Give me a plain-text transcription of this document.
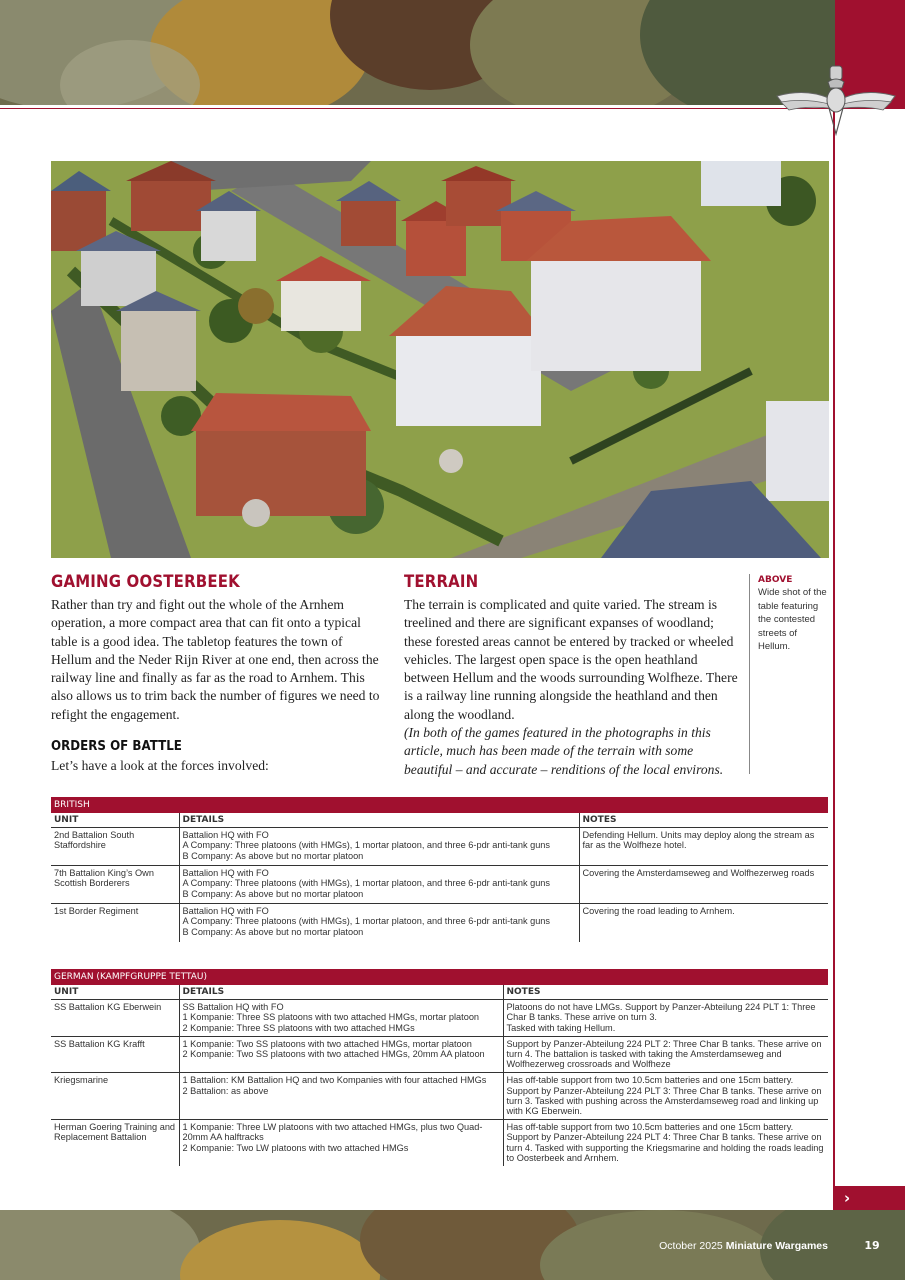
GAMING OOSTERBEEK

Rather than try and fight out the whole of the Arnhem operation, a more compact area that can fit onto a typical table is a good idea. The tabletop features the town of Hellum and the Neder Rijn River at one end, then across the railway line and finally as far as the road to Arnhem. This also allows us to trim back the number of figures we need to refight the engagement.

ORDERS OF BATTLE

Let’s have a look at the forces involved:

TERRAIN

The terrain is complicated and quite varied. The stream is treelined and there are significant expanses of woodland; these forested areas cannot be entered by tracked or wheeled vehicles. The largest open space is the open heathland between Hellum and the woods surrounding Wolfheze. There is a railway line running alongside the heathland and then along the woodland.

(In both of the games featured in the photographs in this article, much has been made of the terrain with some beautiful – and accurate – renditions of the local environs.

ABOVE
Wide shot of the table featuring the contested streets of Hellum.
BRITISH		
UNIT	DETAILS	NOTES

2nd Battalion South Staffordshire	Battalion HQ with FO
A Company: Three platoons (with HMGs), 1 mortar platoon, and three 6-pdr anti-tank guns
B Company: As above but no mortar platoon	Defending Hellum. Units may deploy along the stream as far as the Wolfheze hotel.

7th Battalion King’s Own Scottish Borderers	Battalion HQ with FO
A Company: Three platoons (with HMGs), 1 mortar platoon, and three 6-pdr anti-tank guns
B Company: As above but no mortar platoon	Covering the Amsterdamseweg and Wolfhezerweg roads

1st Border Regiment	Battalion HQ with FO
A Company: Three platoons (with HMGs), 1 mortar platoon, and three 6-pdr anti-tank guns
B Company: As above but no mortar platoon	Covering the road leading to Arnhem.
GERMAN (KAMPFGRUPPE TETTAU)		
UNIT	DETAILS	NOTES

SS Battalion KG Eberwein	SS Battalion HQ with FO
1 Kompanie: Three SS platoons with two attached HMGs, mortar platoon
2 Kompanie: Three SS platoons with two attached HMGs	Platoons do not have LMGs. Support by Panzer-Abteilung 224 PLT 1: Three Char B tanks. These arrive on turn 3.
Tasked with taking Hellum.

SS Battalion KG Krafft	1 Kompanie: Two SS platoons with two attached HMGs, mortar platoon
2 Kompanie: Two SS platoons with two attached HMGs, 20mm AA platoon	Support by Panzer-Abteilung 224 PLT 2: Three Char B tanks. These arrive on turn 4. The battalion is tasked with taking the Amsterdamseweg and Wolfhezerweg crossroads and Wolfheze

Kriegsmarine	1 Battalion: KM Battalion HQ and two Kompanies with four attached HMGs
2 Battalion: as above	Has off-table support from two 10.5cm batteries and one 15cm battery. Support by Panzer-Abteilung 224 PLT 3: Three Char B tanks. These arrive on turn 3. Tasked with pushing across the Amsterdamseweg road and linking up with KG Eberwein.

Herman Goering Training and Replacement Battalion	1 Kompanie: Three LW platoons with two attached HMGs, plus two Quad-20mm AA halftracks
2 Kompanie: Two LW platoons with two attached HMGs	Has off-table support from two 10.5cm batteries and one 15cm battery. Support by Panzer-Abteilung 224 PLT 4: Three Char B tanks. These arrive on turn 4. Tasked with supporting the Kriegsmarine and holding the roads leading to Oosterbeek and Arnhem.
›
October 2025 Miniature Wargames	19
